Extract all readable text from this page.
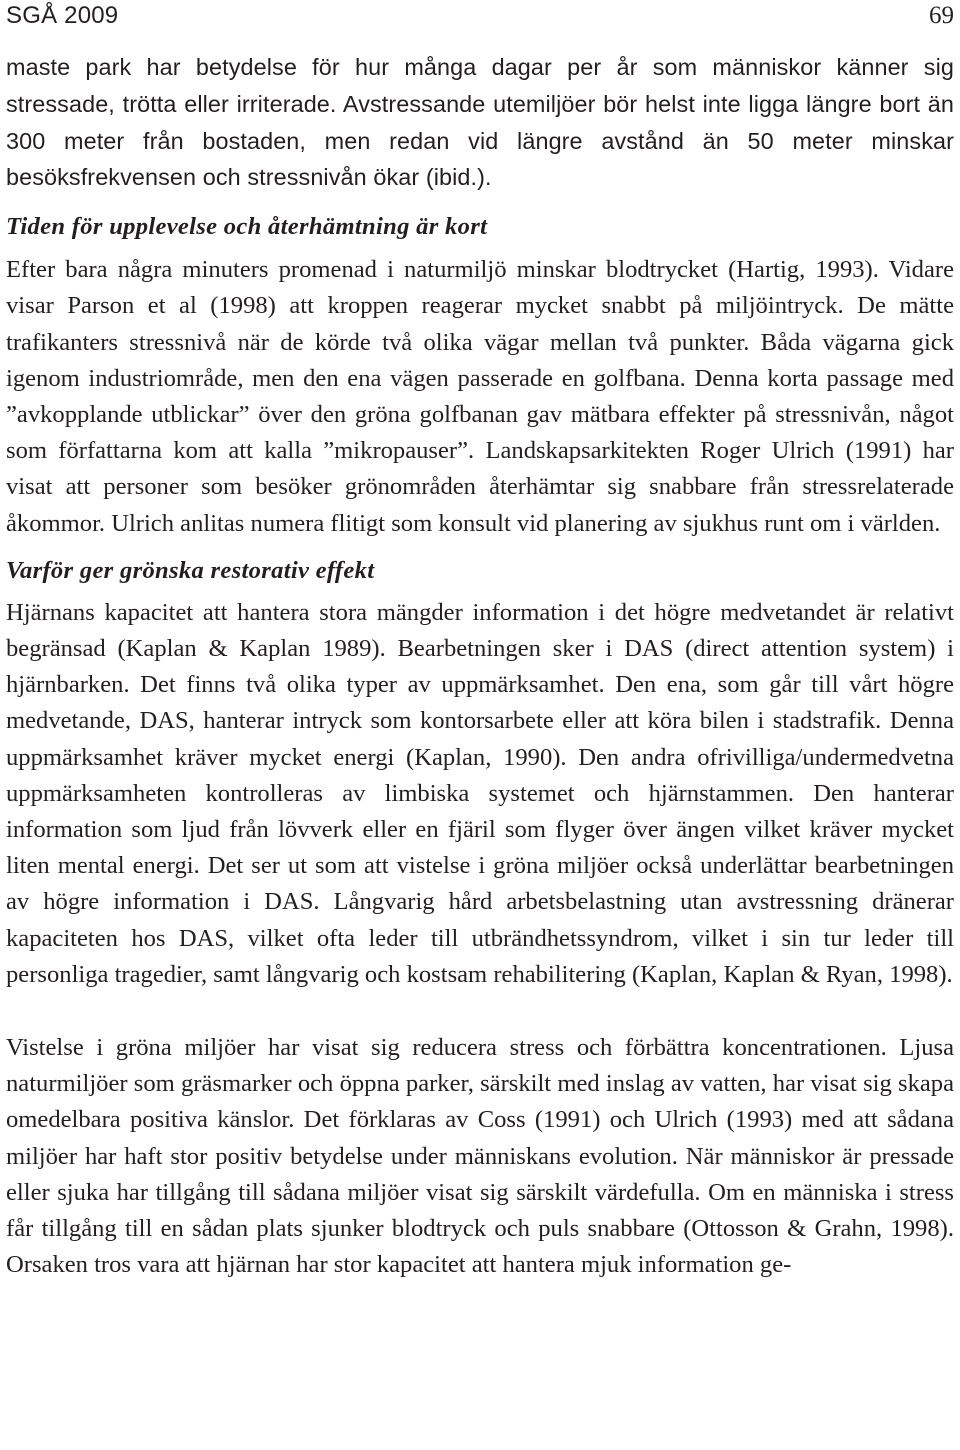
SGÅ 2009	69

maste park har betydelse för hur många dagar per år som människor känner sig stressade, trötta eller irriterade. Avstressande utemiljöer bör helst inte ligga längre bort än 300 meter från bostaden, men redan vid längre avstånd än 50 meter minskar besöksfrekvensen och stressnivån ökar (ibid.).

Tiden för upplevelse och återhämtning är kort

Efter bara några minuters promenad i naturmiljö minskar blodtrycket (Hartig, 1993). Vidare visar Parson et al (1998) att kroppen reagerar mycket snabbt på miljöintryck. De mätte trafikanters stressnivå när de körde två olika vägar mellan två punkter. Båda vägarna gick igenom industriområde, men den ena vägen passerade en golfbana. Denna korta passage med ”avkopplande utblickar” över den gröna golfbanan gav mätbara effekter på stressnivån, något som författarna kom att kalla ”mikropauser”. Landskapsarkitekten Roger Ulrich (1991) har visat att personer som besöker grönområden återhämtar sig snabbare från stressrelaterade åkommor. Ulrich anlitas numera flitigt som konsult vid planering av sjukhus runt om i världen.

Varför ger grönska restorativ effekt

Hjärnans kapacitet att hantera stora mängder information i det högre medvetandet är relativt begränsad (Kaplan & Kaplan 1989). Bearbetningen sker i DAS (direct attention system) i hjärnbarken. Det finns två olika typer av uppmärksamhet. Den ena, som går till vårt högre medvetande, DAS, hanterar intryck som kontorsarbete eller att köra bilen i stadstrafik. Denna uppmärksamhet kräver mycket energi (Kaplan, 1990). Den andra ofrivilliga/undermedvetna uppmärksamheten kontrolleras av limbiska systemet och hjärnstammen. Den hanterar information som ljud från lövverk eller en fjäril som flyger över ängen vilket kräver mycket liten mental energi. Det ser ut som att vistelse i gröna miljöer också underlättar bearbetningen av högre information i DAS. Långvarig hård arbetsbelastning utan avstressning dränerar kapaciteten hos DAS, vilket ofta leder till utbrändhetssyndrom, vilket i sin tur leder till personliga tragedier, samt långvarig och kostsam rehabilitering (Kaplan, Kaplan & Ryan, 1998).

Vistelse i gröna miljöer har visat sig reducera stress och förbättra koncentrationen. Ljusa naturmiljöer som gräsmarker och öppna parker, särskilt med inslag av vatten, har visat sig skapa omedelbara positiva känslor. Det förklaras av Coss (1991) och Ulrich (1993) med att sådana miljöer har haft stor positiv betydelse under människans evolution. När människor är pressade eller sjuka har tillgång till sådana miljöer visat sig särskilt värdefulla. Om en människa i stress får tillgång till en sådan plats sjunker blodtryck och puls snabbare (Ottosson & Grahn, 1998). Orsaken tros vara att hjärnan har stor kapacitet att hantera mjuk information ge-
